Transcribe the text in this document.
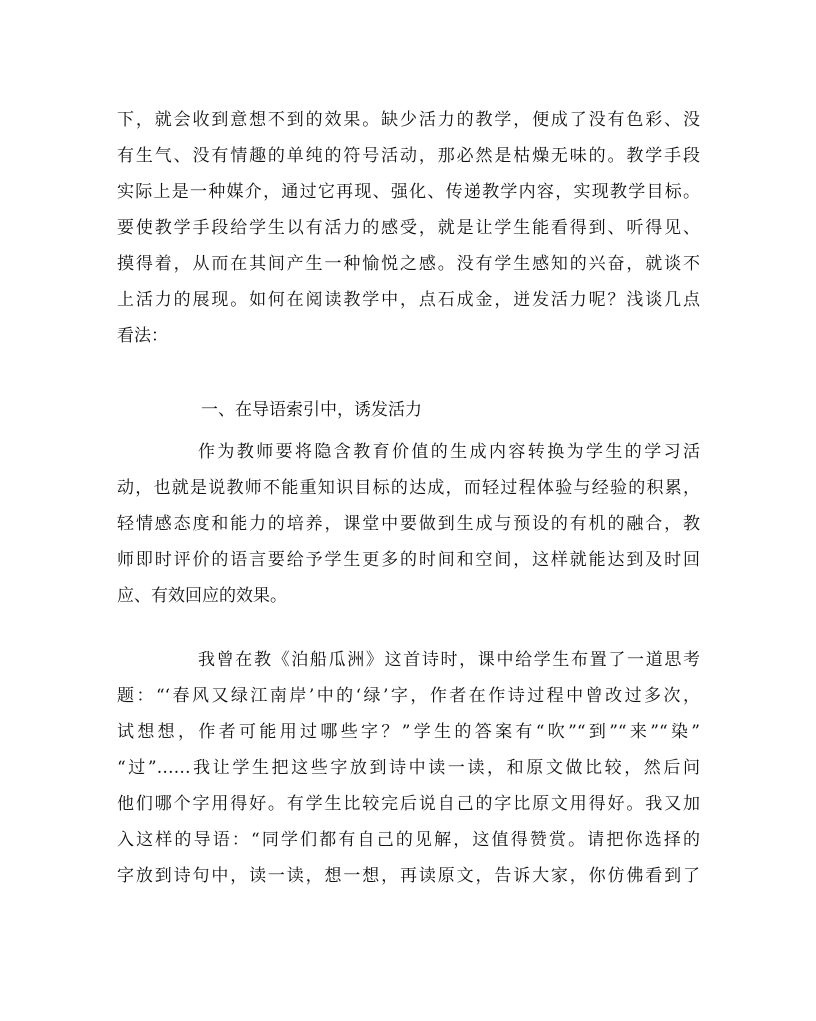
下，就会收到意想不到的效果。缺少活力的教学，便成了没有色彩、没
有生气、没有情趣的单纯的符号活动，那必然是枯燥无味的。教学手段
实际上是一种媒介，通过它再现、强化、传递教学内容，实现教学目标。
要使教学手段给学生以有活力的感受，就是让学生能看得到、听得见、
摸得着，从而在其间产生一种愉悦之感。没有学生感知的兴奋，就谈不
上活力的展现。如何在阅读教学中，点石成金，迸发活力呢？浅谈几点
看法：
一、在导语索引中，诱发活力
作为教师要将隐含教育价值的生成内容转换为学生的学习活
动，也就是说教师不能重知识目标的达成，而轻过程体验与经验的积累，
轻情感态度和能力的培养，课堂中要做到生成与预设的有机的融合，教
师即时评价的语言要给予学生更多的时间和空间，这样就能达到及时回
应、有效回应的效果。
我曾在教《泊船瓜洲》这首诗时，课中给学生布置了一道思考
题：“‘春风又绿江南岸’中的‘绿’字，作者在作诗过程中曾改过多次，
试想想，作者可能用过哪些字？”学生的答案有“吹”“到”“来”“染”
“过”……我让学生把这些字放到诗中读一读，和原文做比较，然后问
他们哪个字用得好。有学生比较完后说自己的字比原文用得好。我又加
入这样的导语：“同学们都有自己的见解，这值得赞赏。请把你选择的
字放到诗句中，读一读，想一想，再读原文，告诉大家，你仿佛看到了
